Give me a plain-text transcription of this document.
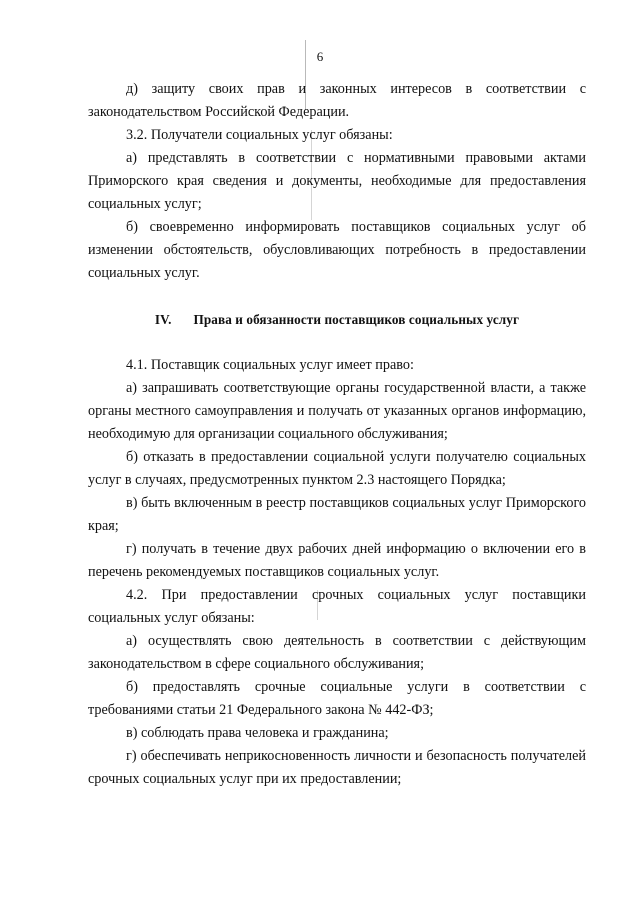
6

д) защиту своих прав и законных интересов в соответствии с законодательством Российской Федерации.

3.2. Получатели социальных услуг обязаны:

а) представлять в соответствии с нормативными правовыми актами Приморского края сведения и документы, необходимые для предоставления социальных услуг;

б) своевременно информировать поставщиков социальных услуг об изменении обстоятельств, обусловливающих потребность в предоставлении социальных услуг.

IV. Права и обязанности поставщиков социальных услуг

4.1. Поставщик социальных услуг имеет право:

а) запрашивать соответствующие органы государственной власти, а также органы местного самоуправления и получать от указанных органов информацию, необходимую для организации социального обслуживания;

б) отказать в предоставлении социальной услуги получателю социальных услуг в случаях, предусмотренных пунктом 2.3 настоящего Порядка;

в) быть включенным в реестр поставщиков социальных услуг Приморского края;

г) получать в течение двух рабочих дней информацию о включении его в перечень рекомендуемых поставщиков социальных услуг.

4.2. При предоставлении срочных социальных услуг поставщики социальных услуг обязаны:

а) осуществлять свою деятельность в соответствии с действующим законодательством в сфере социального обслуживания;

б) предоставлять срочные социальные услуги в соответствии с требованиями статьи 21 Федерального закона № 442-ФЗ;

в) соблюдать права человека и гражданина;

г) обеспечивать неприкосновенность личности и безопасность получателей срочных социальных услуг при их предоставлении;
